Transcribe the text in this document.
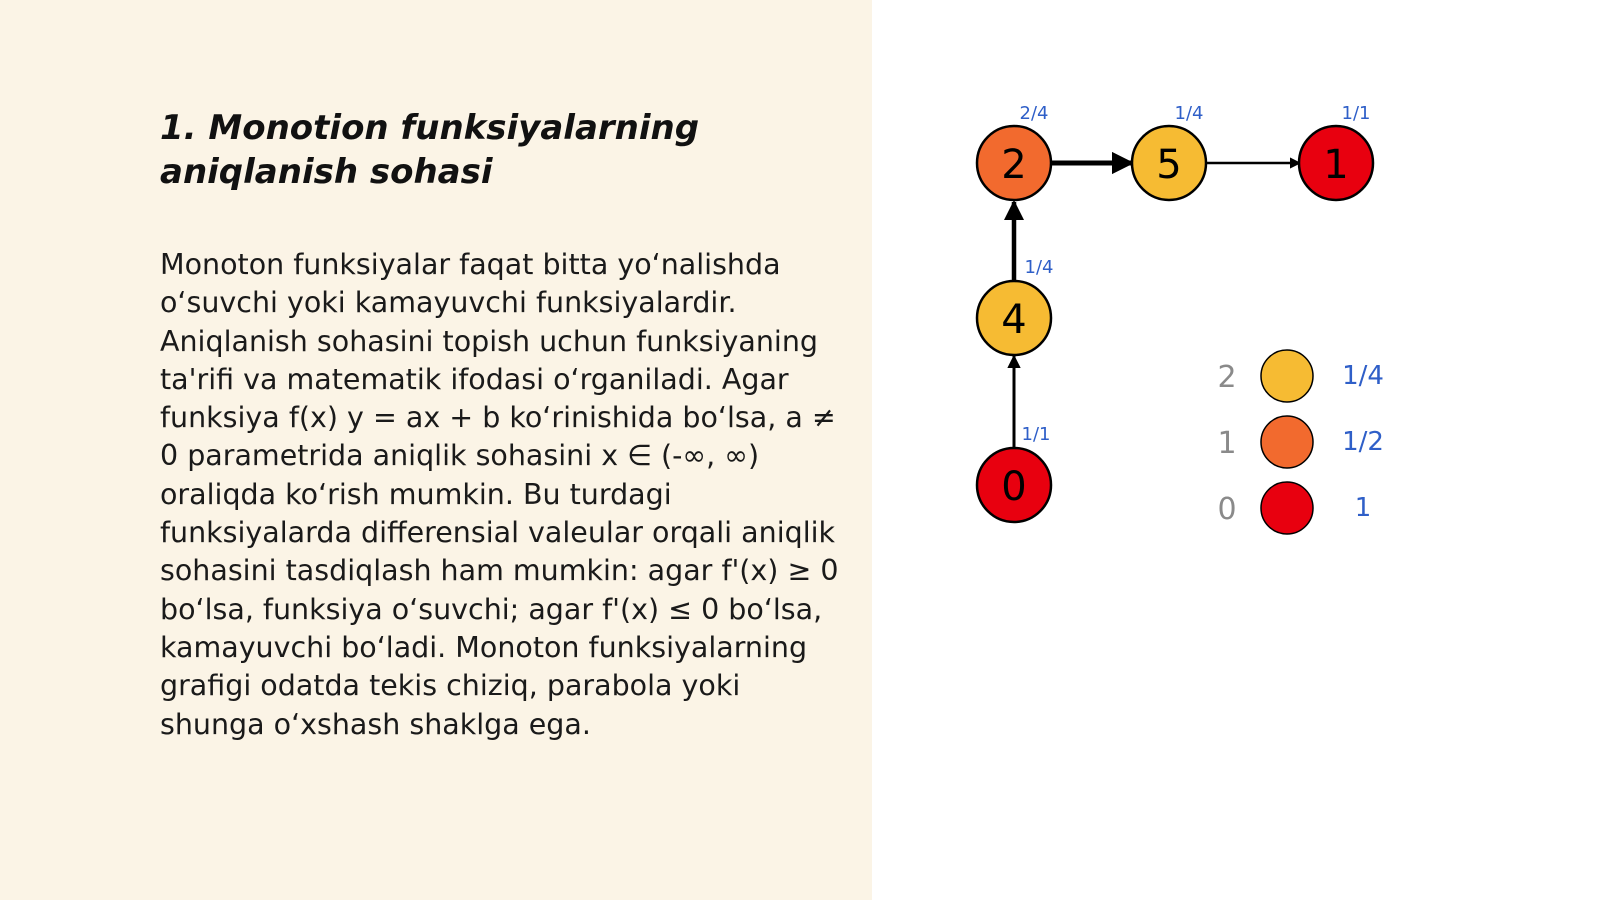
1. Monotion funksiyalarning aniqlanish sohasi

Monoton funksiyalar faqat bitta yo‘nalishda o‘suvchi yoki kamayuvchi funksiyalardir. Aniqlanish sohasini topish uchun funksiyaning ta'rifi va matematik ifodasi o‘rganiladi. Agar funksiya f(x) y = ax + b ko‘rinishida bo‘lsa, a ≠ 0 parametrida aniqlik sohasini x ∈ (-∞, ∞) oraliqda ko‘rish mumkin. Bu turdagi funksiyalarda differensial valeular orqali aniqlik sohasini tasdiqlash ham mumkin: agar f'(x) ≥ 0 bo‘lsa, funksiya o‘suvchi; agar f'(x) ≤ 0 bo‘lsa, kamayuvchi bo‘ladi. Monoton funksiyalarning grafigi odatda tekis chiziq, parabola yoki shunga o‘xshash shaklga ega.

2
2/4
5
1/4
1
1/1
4
1/4
0
1/1
2	1/4
1	1/2
0	1
